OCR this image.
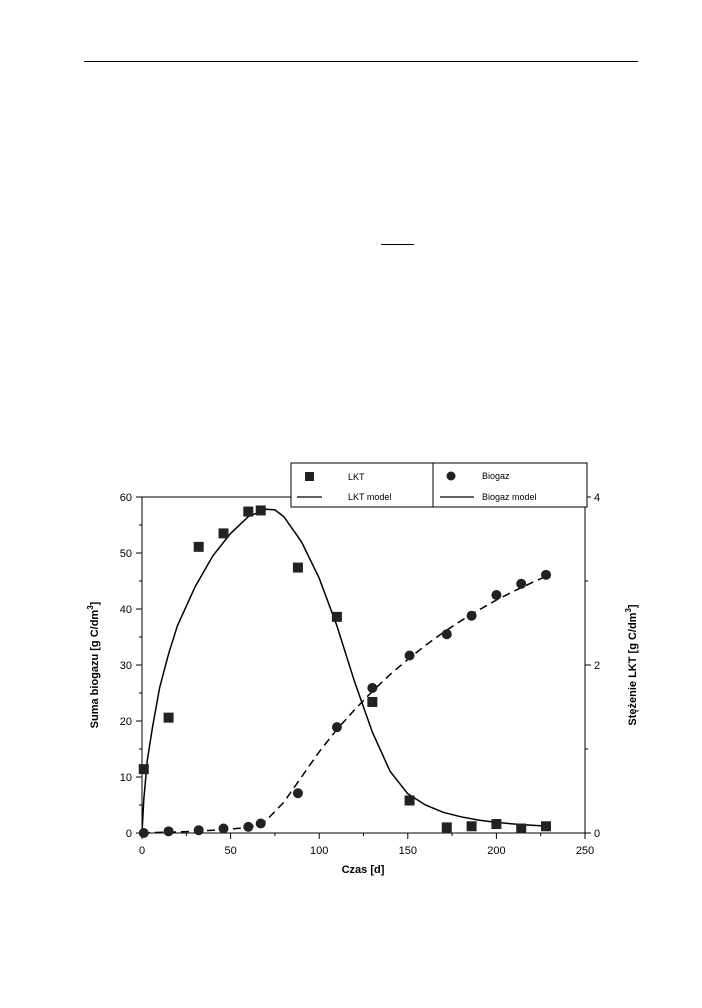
0	50	100	150	200	250
0
10
20
30
40
50
60
0
2
4
Czas [d]
Suma biogazu [g $C/dm^3$]
Stężenie LKT [g $C/dm^3$]
LKT
LKT model
Biogaz
Biogaz model
